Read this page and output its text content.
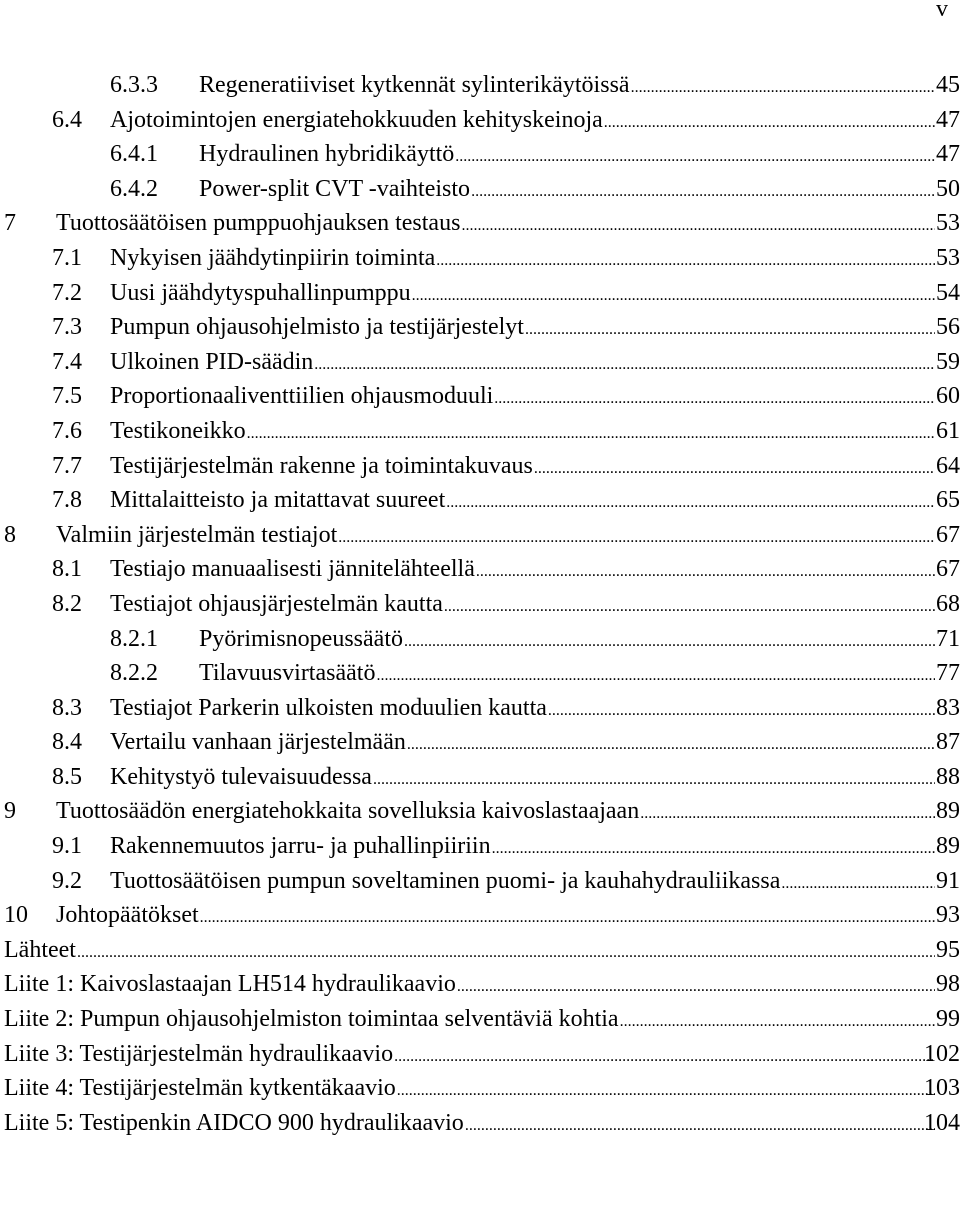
v
6.3.3 Regeneratiiviset kytkennät sylinterikäytöissä .....	45
6.4 Ajotoimintojen energiatehokkuuden kehityskeinoja .....	47
6.4.1 Hydraulinen hybridikäyttö .....	47
6.4.2 Power-split CVT -vaihteisto .....	50
7 Tuottosäätöisen pumppuohjauksen testaus .....	53
7.1 Nykyisen jäähdytinpiirin toiminta .....	53
7.2 Uusi jäähdytyspuhallinpumppu .....	54
7.3 Pumpun ohjausohjelmisto ja testijärjestelyt .....	56
7.4 Ulkoinen PID-säädin .....	59
7.5 Proportionaaliventtiilien ohjausmoduuli .....	60
7.6 Testikoneikko .....	61
7.7 Testijärjestelmän rakenne ja toimintakuvaus .....	64
7.8 Mittalaitteisto ja mitattavat suureet .....	65
8 Valmiin järjestelmän testiajot .....	67
8.1 Testiajo manuaalisesti jännitelähteellä .....	67
8.2 Testiajot ohjausjärjestelmän kautta .....	68
8.2.1 Pyörimisnopeussäätö .....	71
8.2.2 Tilavuusvirtasäätö .....	77
8.3 Testiajot Parkerin ulkoisten moduulien kautta .....	83
8.4 Vertailu vanhaan järjestelmään .....	87
8.5 Kehitystyö tulevaisuudessa .....	88
9 Tuottosäädön energiatehokkaita sovelluksia kaivoslastaajaan .....	89
9.1 Rakennemuutos jarru- ja puhallinpiiriin .....	89
9.2 Tuottosäätöisen pumpun soveltaminen puomi- ja kauhahydrauliikassa .....	91
10 Johtopäätökset .....	93
Lähteet .....	95
Liite 1: Kaivoslastaajan LH514 hydraulikaavio .....	98
Liite 2: Pumpun ohjausohjelmiston toimintaa selventäviä kohtia .....	99
Liite 3: Testijärjestelmän hydraulikaavio .....	102
Liite 4: Testijärjestelmän kytkentäkaavio .....	103
Liite 5: Testipenkin AIDCO 900 hydraulikaavio .....	104
